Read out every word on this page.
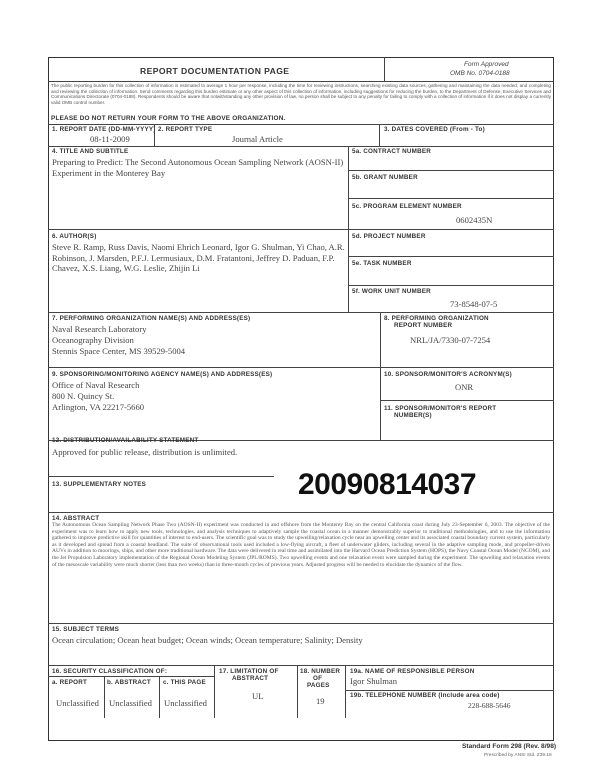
REPORT DOCUMENTATION PAGE
Form Approved
OMB No. 0704-0188
The public reporting burden for this collection of information is estimated to average 1 hour per response, including the time for reviewing instructions, searching existing data sources, gathering and maintaining the data needed, and completing and reviewing the collection of information. Send comments regarding this burden estimate or any other aspect of this collection of information, including suggestions for reducing the burden, to the Department of Defense, Executive Services and Communications Directorate (0704-0188). Respondents should be aware that notwithstanding any other provision of law, no person shall be subject to any penalty for failing to comply with a collection of information if it does not display a currently valid OMB control number.
PLEASE DO NOT RETURN YOUR FORM TO THE ABOVE ORGANIZATION.
1. REPORT DATE (DD-MM-YYYY)
08-11-2009
2. REPORT TYPE
Journal Article
3. DATES COVERED (From - To)
4. TITLE AND SUBTITLE
Preparing to Predict: The Second Autonomous Ocean Sampling Network (AOSN-II) Experiment in the Monterey Bay
5a. CONTRACT NUMBER
5b. GRANT NUMBER
5c. PROGRAM ELEMENT NUMBER
0602435N
6. AUTHOR(S)
Steve R. Ramp, Russ Davis, Naomi Ehrich Leonard, Igor G. Shulman, Yi Chao, A.R. Robinson, J. Marsden, P.F.J. Lermusiaux, D.M. Fratantoni, Jeffrey D. Paduan, F.P. Chavez, X.S. Liang, W.G. Leslie, Zhijin Li
5d. PROJECT NUMBER
5e. TASK NUMBER
5f. WORK UNIT NUMBER
73-8548-07-5
7. PERFORMING ORGANIZATION NAME(S) AND ADDRESS(ES)
Naval Research Laboratory
Oceanography Division
Stennis Space Center, MS 39529-5004
8. PERFORMING ORGANIZATION
REPORT NUMBER
NRL/JA/7330-07-7254
9. SPONSORING/MONITORING AGENCY NAME(S) AND ADDRESS(ES)
Office of Naval Research
800 N. Quincy St.
Arlington, VA 22217-5660
10. SPONSOR/MONITOR'S ACRONYM(S)
ONR
11. SPONSOR/MONITOR'S REPORT
NUMBER(S)
12. DISTRIBUTION/AVAILABILITY STATEMENT
Approved for public release, distribution is unlimited.
13. SUPPLEMENTARY NOTES	20090814037
14. ABSTRACT
The Autonomous Ocean Sampling Network Phase Two (AOSN-II) experiment was conducted in and offshore from the Monterey Bay on the central California coast during July 23-September 6, 2003. The objective of the experiment was to learn how to apply new tools, technologies, and analysis techniques to adaptively sample the coastal ocean in a manner demonstrably superior to traditional methodologies, and to use the information gathered to improve predictive skill for quantities of interest to end-users. The scientific goal was to study the upwelling/relaxation cycle near an upwelling center and its associated coastal boundary current system, particularly as it developed and spread from a coastal headland. The suite of observational tools used included a low-flying aircraft, a fleet of underwater gliders, including several in the adaptive sampling mode, and propeller-driven AUVs in addition to moorings, ships, and other more traditional hardware. The data were delivered in real time and assimilated into the Harvard Ocean Prediction System (HOPS), the Navy Coastal Ocean Model (NCOM), and the Jet Propulsion Laboratory implementation of the Regional Ocean Modeling System (JPL/ROMS). Two upwelling events and one relaxation event were sampled during the experiment. The upwelling and relaxation events of the mesoscale variability were much shorter (less than two weeks) than in three-month cycles of previous years. Adjusted progress will be needed to elucidate the dynamics of the flow.
15. SUBJECT TERMS
Ocean circulation; Ocean heat budget; Ocean winds; Ocean temperature; Salinity; Density
16. SECURITY CLASSIFICATION OF:
a. REPORT	b. ABSTRACT c. THIS PAGE
Unclassified Unclassified Unclassified
17. LIMITATION OF
ABSTRACT
UL
18. NUMBER
OF
PAGES
19
19a. NAME OF RESPONSIBLE PERSON
Igor Shulman
19b. TELEPHONE NUMBER (Include area code)
228-688-5646
Standard Form 298 (Rev. 8/98)
Prescribed by ANSI Std. Z39.18
